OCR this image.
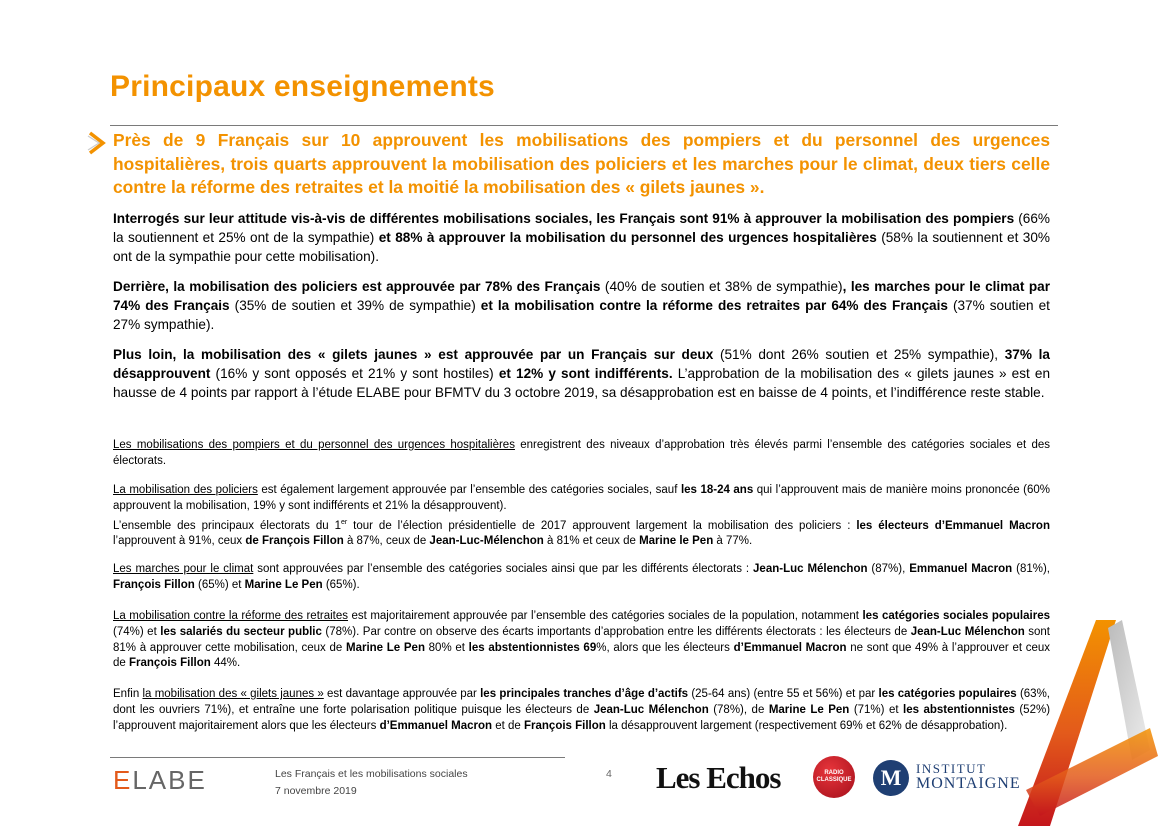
Principaux enseignements
Près de 9 Français sur 10 approuvent les mobilisations des pompiers et du personnel des urgences hospitalières, trois quarts approuvent la mobilisation des policiers et les marches pour le climat, deux tiers celle contre la réforme des retraites et la moitié la mobilisation des « gilets jaunes ».
Interrogés sur leur attitude vis-à-vis de différentes mobilisations sociales, les Français sont 91% à approuver la mobilisation des pompiers (66% la soutiennent et 25% ont de la sympathie) et 88% à approuver la mobilisation du personnel des urgences hospitalières (58% la soutiennent et 30% ont de la sympathie pour cette mobilisation).
Derrière, la mobilisation des policiers est approuvée par 78% des Français (40% de soutien et 38% de sympathie), les marches pour le climat par 74% des Français (35% de soutien et 39% de sympathie) et la mobilisation contre la réforme des retraites par 64% des Français (37% soutien et 27% sympathie).
Plus loin, la mobilisation des « gilets jaunes » est approuvée par un Français sur deux (51% dont 26% soutien et 25% sympathie), 37% la désapprouvent (16% y sont opposés et 21% y sont hostiles) et 12% y sont indifférents. L’approbation de la mobilisation des « gilets jaunes » est en hausse de 4 points par rapport à l’étude ELABE pour BFMTV du 3 octobre 2019, sa désapprobation est en baisse de 4 points, et l’indifférence reste stable.
Les mobilisations des pompiers et du personnel des urgences hospitalières enregistrent des niveaux d’approbation très élevés parmi l’ensemble des catégories sociales et des électorats.
La mobilisation des policiers est également largement approuvée par l’ensemble des catégories sociales, sauf les 18-24 ans qui l’approuvent mais de manière moins prononcée (60% approuvent la mobilisation, 19% y sont indifférents et 21% la désapprouvent).
L’ensemble des principaux électorats du 1er tour de l’élection présidentielle de 2017 approuvent largement la mobilisation des policiers : les électeurs d’Emmanuel Macron l’approuvent à 91%, ceux de François Fillon à 87%, ceux de Jean-Luc-Mélenchon à 81% et ceux de Marine le Pen à 77%.
Les marches pour le climat sont approuvées par l’ensemble des catégories sociales ainsi que par les différents électorats : Jean-Luc Mélenchon (87%), Emmanuel Macron (81%), François Fillon (65%) et Marine Le Pen (65%).
La mobilisation contre la réforme des retraites est majoritairement approuvée par l’ensemble des catégories sociales de la population, notamment les catégories sociales populaires (74%) et les salariés du secteur public (78%). Par contre on observe des écarts importants d’approbation entre les différents électorats : les électeurs de Jean-Luc Mélenchon sont 81% à approuver cette mobilisation, ceux de Marine Le Pen 80% et les abstentionnistes 69%, alors que les électeurs d’Emmanuel Macron ne sont que 49% à l’approuver et ceux de François Fillon 44%.
Enfin la mobilisation des « gilets jaunes » est davantage approuvée par les principales tranches d’âge d’actifs (25-64 ans) (entre 55 et 56%) et par les catégories populaires (63%, dont les ouvriers 71%), et entraîne une forte polarisation politique puisque les électeurs de Jean-Luc Mélenchon (78%), de Marine Le Pen (71%) et les abstentionnistes (52%) l’approuvent majoritairement alors que les électeurs d’Emmanuel Macron et de François Fillon la désapprouvent largement (respectivement 69% et 62% de désapprobation).
ELABE	Les Français et les mobilisations sociales
7 novembre 2019
4 Les Echos	RADIO CLASSIQUE	M	INSTITUT
MONTAIGNE
